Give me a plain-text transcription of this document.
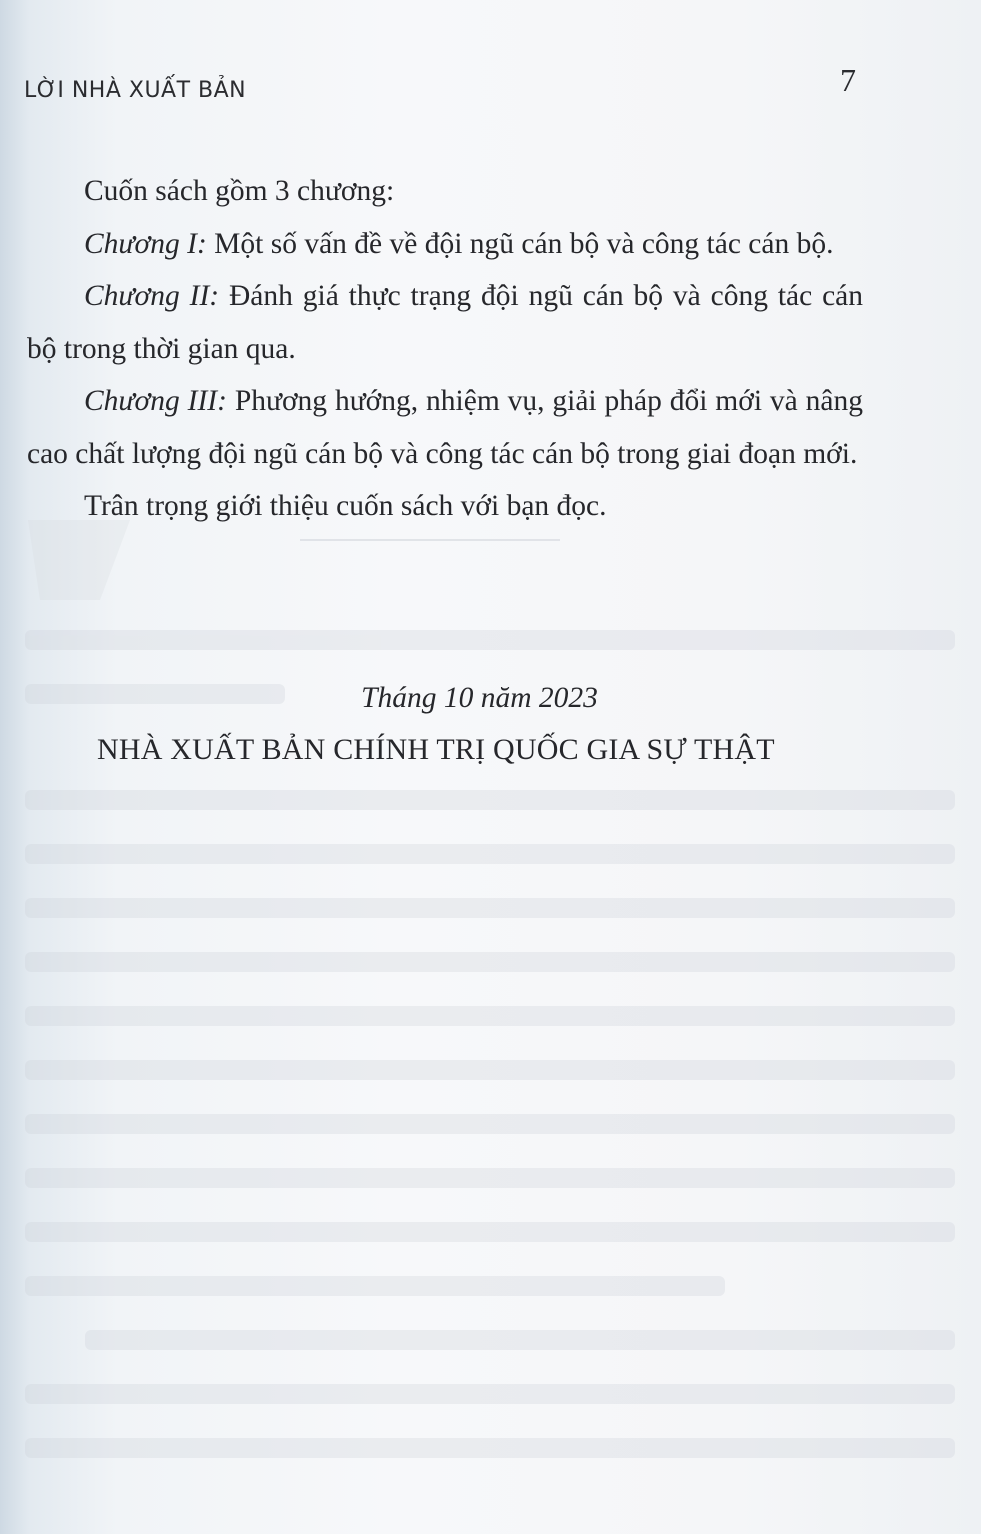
LỜI NHÀ XUẤT BẢN	7

Cuốn sách gồm 3 chương:

Chương I: Một số vấn đề về đội ngũ cán bộ và công tác cán bộ.

Chương II: Đánh giá thực trạng đội ngũ cán bộ và công tác cán bộ trong thời gian qua.

Chương III: Phương hướng, nhiệm vụ, giải pháp đổi mới và nâng cao chất lượng đội ngũ cán bộ và công tác cán bộ trong giai đoạn mới.

Trân trọng giới thiệu cuốn sách với bạn đọc.

Tháng 10 năm 2023
NHÀ XUẤT BẢN CHÍNH TRỊ QUỐC GIA SỰ THẬT
